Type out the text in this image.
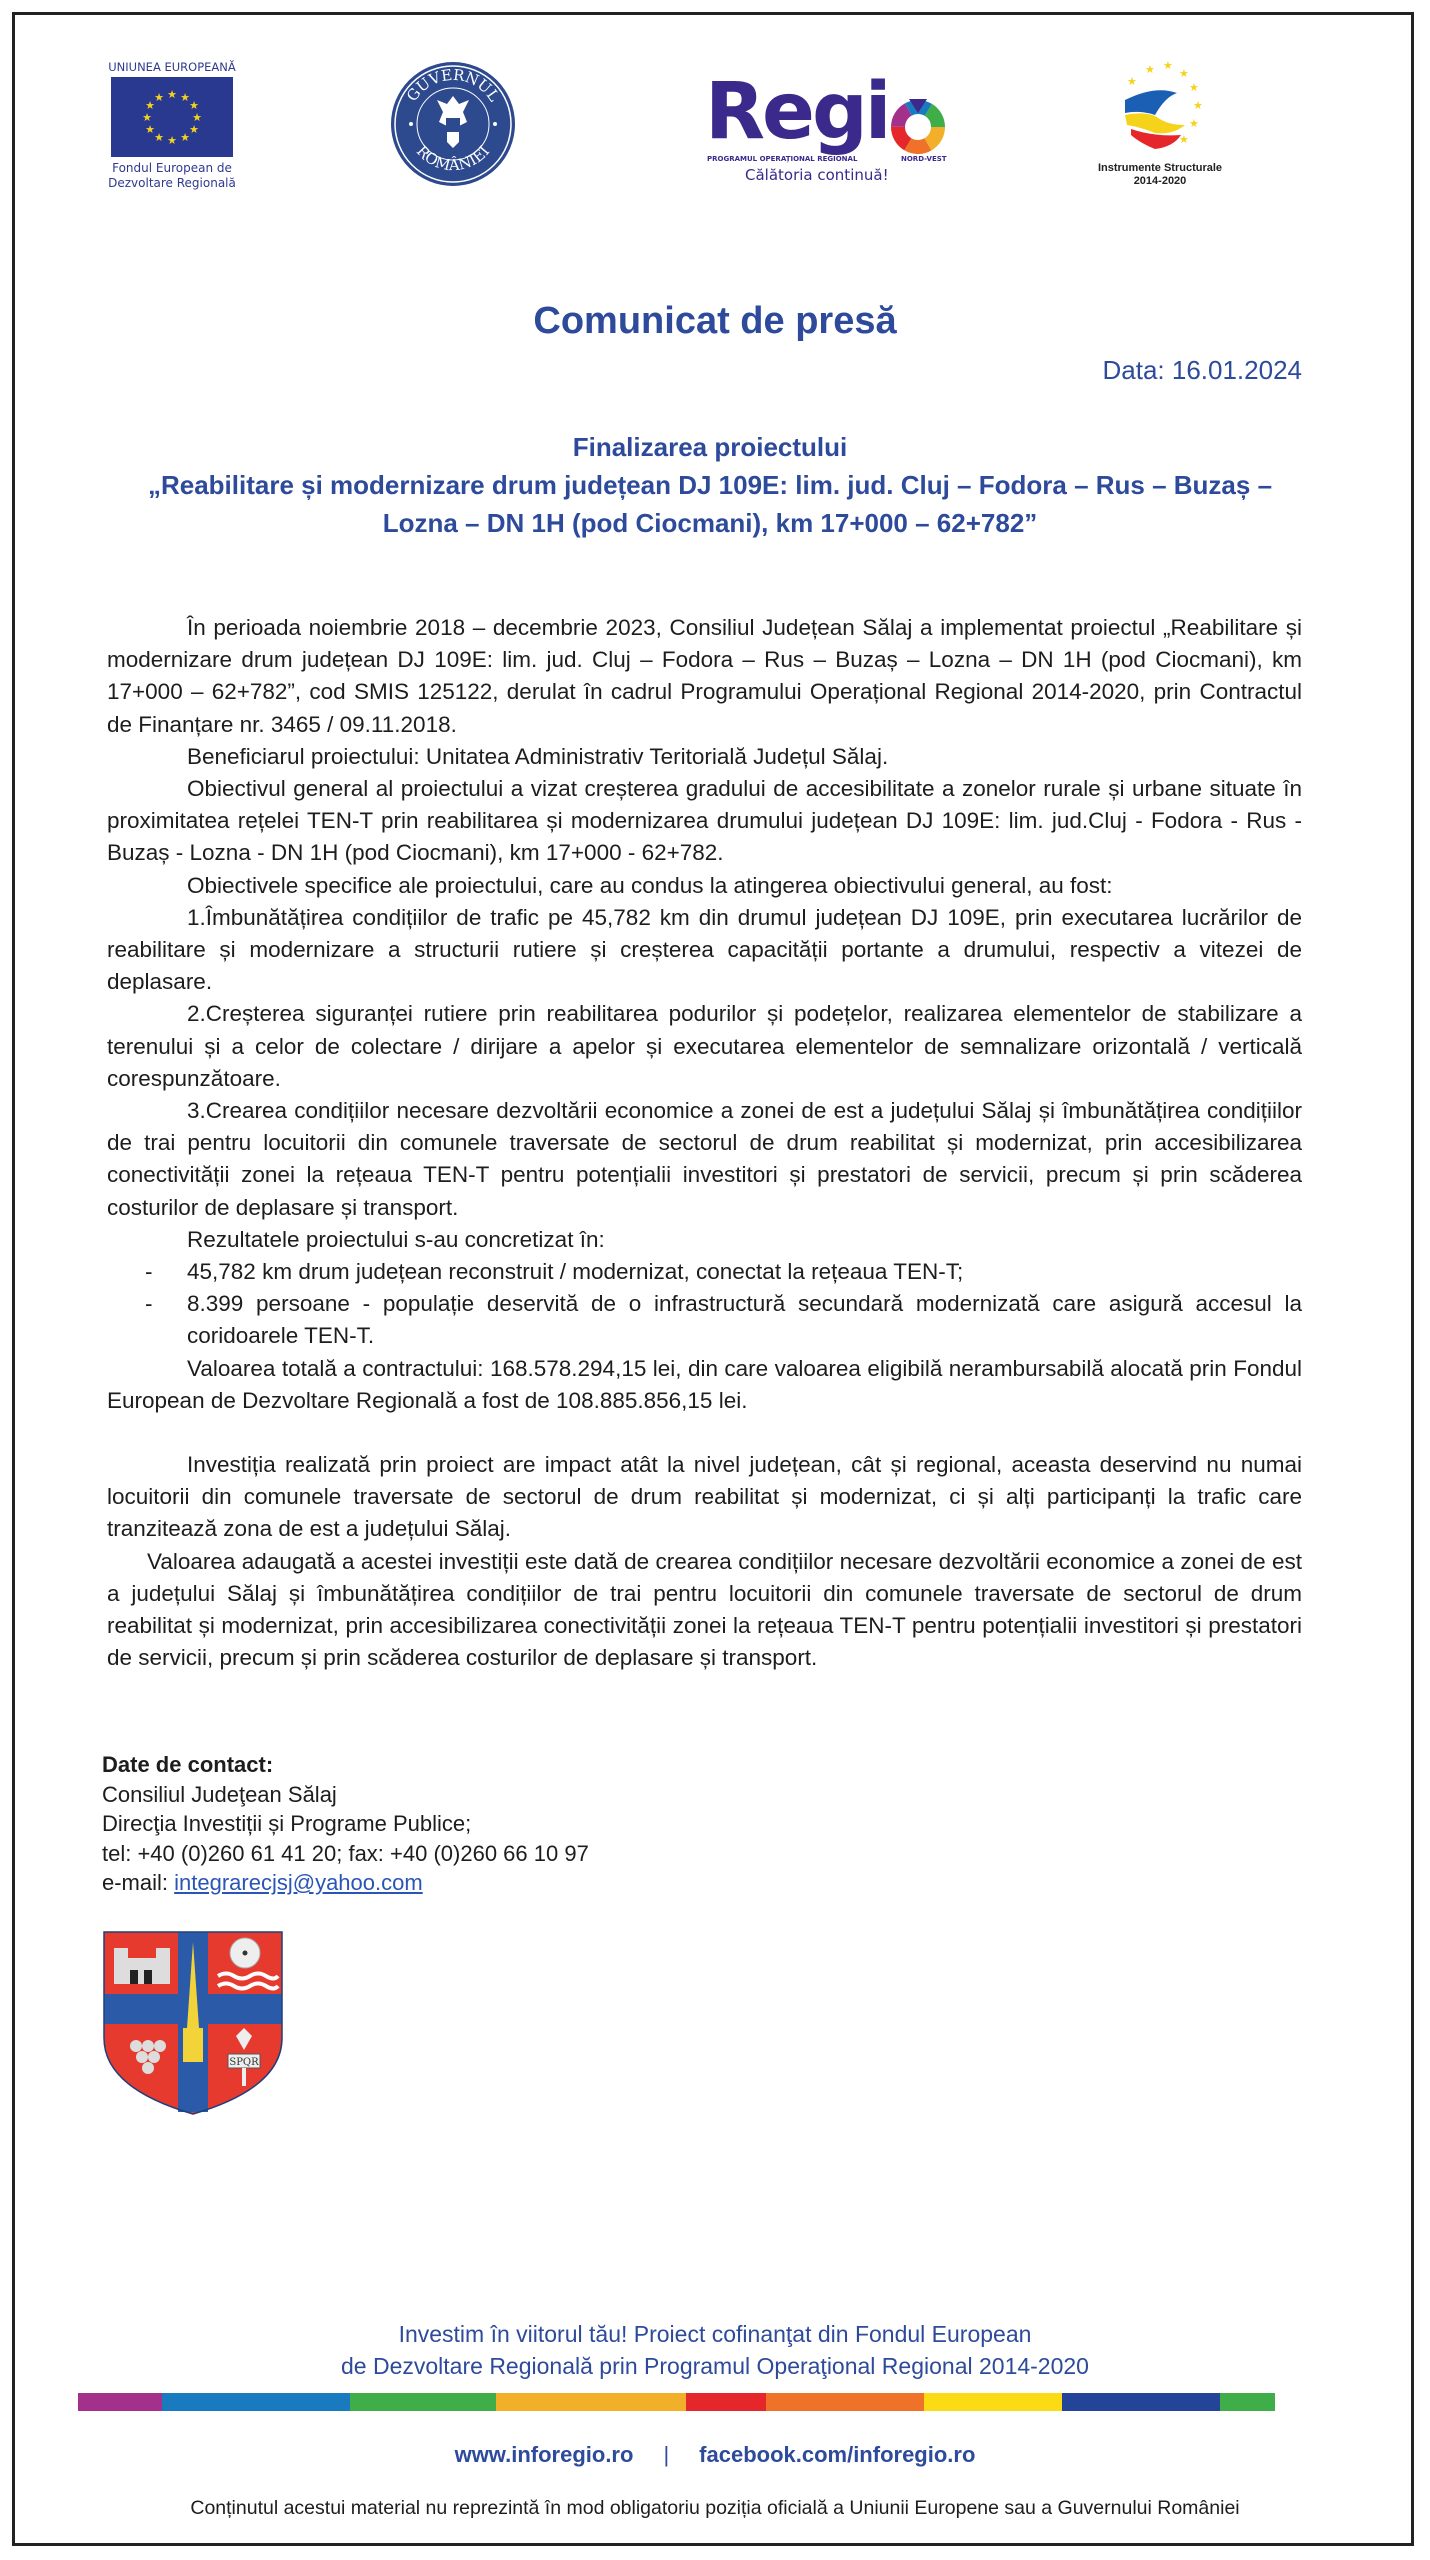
UNIUNEA EUROPEANĂ
★ ★
★
★
★
★
★
★
★
★
★
★
Fondul European de
Dezvoltare Regională
GUVERNUL
ROMÂNIEI	Regi
PROGRAMUL OPERAȚIONAL REGIONAL	NORD-VEST
Călătoria continuă!
★ ★
★
★
★
★
★
★
Instrumente Structurale
2014-2020
Comunicat de presă
Data: 16.01.2024
Finalizarea proiectului
„Reabilitare și modernizare drum județean DJ 109E: lim. jud. Cluj – Fodora – Rus – Buzaș –
Lozna – DN 1H (pod Ciocmani), km 17+000 – 62+782”

În perioada noiembrie 2018 – decembrie 2023, Consiliul Județean Sălaj a implementat proiectul „Reabilitare și modernizare drum județean DJ 109E: lim. jud. Cluj – Fodora – Rus – Buzaș – Lozna – DN 1H (pod Ciocmani), km 17+000 – 62+782”, cod SMIS 125122, derulat în cadrul Programului Operațional Regional 2014-2020, prin Contractul de Finanțare nr. 3465 / 09.11.2018.

Beneficiarul proiectului: Unitatea Administrativ Teritorială Județul Sălaj.

Obiectivul general al proiectului a vizat creșterea gradului de accesibilitate a zonelor rurale și urbane situate în proximitatea rețelei TEN-T prin reabilitarea și modernizarea drumului județean DJ 109E: lim. jud.Cluj - Fodora - Rus - Buzaș - Lozna - DN 1H (pod Ciocmani), km 17+000 - 62+782.

Obiectivele specifice ale proiectului, care au condus la atingerea obiectivului general, au fost:

1.Îmbunătățirea condițiilor de trafic pe 45,782 km din drumul județean DJ 109E, prin executarea lucrărilor de reabilitare și modernizare a structurii rutiere și creșterea capacității portante a drumului, respectiv a vitezei de deplasare.

2.Creșterea siguranței rutiere prin reabilitarea podurilor și podețelor, realizarea elementelor de stabilizare a terenului și a celor de colectare / dirijare a apelor și executarea elementelor de semnalizare orizontală / verticală corespunzătoare.

3.Crearea condițiilor necesare dezvoltării economice a zonei de est a județului Sălaj și îmbunătățirea condițiilor de trai pentru locuitorii din comunele traversate de sectorul de drum reabilitat și modernizat, prin accesibilizarea conectivității zonei la rețeaua TEN-T pentru potențialii investitori și prestatori de servicii, precum și prin scăderea costurilor de deplasare și transport.

Rezultatele proiectului s-au concretizat în:

- 45,782 km drum județean reconstruit / modernizat, conectat la rețeaua TEN-T;

- 8.399 persoane - populație deservită de o infrastructură secundară modernizată care asigură accesul la coridoarele TEN-T.

Valoarea totală a contractului: 168.578.294,15 lei, din care valoarea eligibilă nerambursabilă alocată prin Fondul European de Dezvoltare Regională a fost de 108.885.856,15 lei.

Investiția realizată prin proiect are impact atât la nivel județean, cât și regional, aceasta deservind nu numai locuitorii din comunele traversate de sectorul de drum reabilitat și modernizat, ci și alți participanți la trafic care tranzitează zona de est a județului Sălaj.

Valoarea adaugată a acestei investiții este dată de crearea condițiilor necesare dezvoltării economice a zonei de est a județului Sălaj și îmbunătățirea condițiilor de trai pentru locuitorii din comunele traversate de sectorul de drum reabilitat și modernizat, prin accesibilizarea conectivității zonei la rețeaua TEN-T pentru potențialii investitori și prestatori de servicii, precum și prin scăderea costurilor de deplasare și transport.

Date de contact:
Consiliul Judeţean Sălaj
Direcţia Investiții și Programe Publice;
tel: +40 (0)260 61 41 20; fax: +40 (0)260 66 10 97
e-mail: integrarecjsj@yahoo.com
SPQR
Investim în viitorul tău! Proiect cofinanţat din Fondul European
de Dezvoltare Regională prin Programul Operaţional Regional 2014-2020
www.inforegio.ro | facebook.com/inforegio.ro
Conținutul acestui material nu reprezintă în mod obligatoriu poziția oficială a Uniunii Europene sau a Guvernului României
